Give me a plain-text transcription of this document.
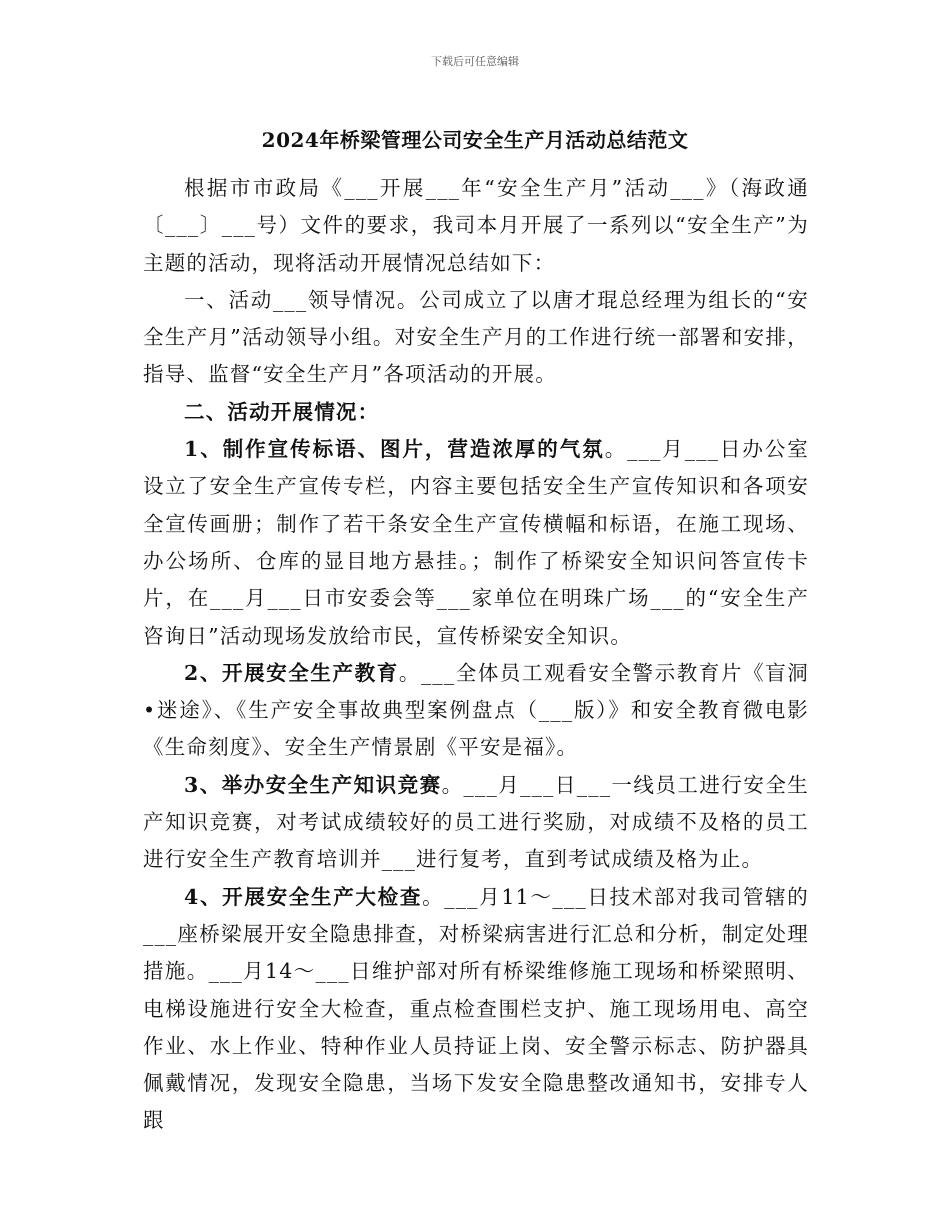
下载后可任意编辑
2024年桥梁管理公司安全生产月活动总结范文

根据市市政局《___开展___年“安全生产月”活动___》（海政通〔___〕___号）文件的要求，我司本月开展了一系列以“安全生产”为主题的活动，现将活动开展情况总结如下：

一、活动___领导情况。公司成立了以唐才琨总经理为组长的“安全生产月”活动领导小组。对安全生产月的工作进行统一部署和安排，指导、监督“安全生产月”各项活动的开展。

二、活动开展情况：

1、制作宣传标语、图片，营造浓厚的气氛。___月___日办公室设立了安全生产宣传专栏，内容主要包括安全生产宣传知识和各项安全宣传画册；制作了若干条安全生产宣传横幅和标语，在施工现场、办公场所、仓库的显目地方悬挂。；制作了桥梁安全知识问答宣传卡片，在___月___日市安委会等___家单位在明珠广场___的“安全生产咨询日”活动现场发放给市民，宣传桥梁安全知识。

2、开展安全生产教育。___全体员工观看安全警示教育片《盲洞•迷途》、《生产安全事故典型案例盘点（___版）》和安全教育微电影《生命刻度》、安全生产情景剧《平安是福》。

3、举办安全生产知识竞赛。___月___日___一线员工进行安全生产知识竞赛，对考试成绩较好的员工进行奖励，对成绩不及格的员工进行安全生产教育培训并___进行复考，直到考试成绩及格为止。

4、开展安全生产大检查。___月11～___日技术部对我司管辖的___座桥梁展开安全隐患排查，对桥梁病害进行汇总和分析，制定处理措施。___月14～___日维护部对所有桥梁维修施工现场和桥梁照明、电梯设施进行安全大检查，重点检查围栏支护、施工现场用电、高空作业、水上作业、特种作业人员持证上岗、安全警示标志、防护器具佩戴情况，发现安全隐患，当场下发安全隐患整改通知书，安排专人跟
